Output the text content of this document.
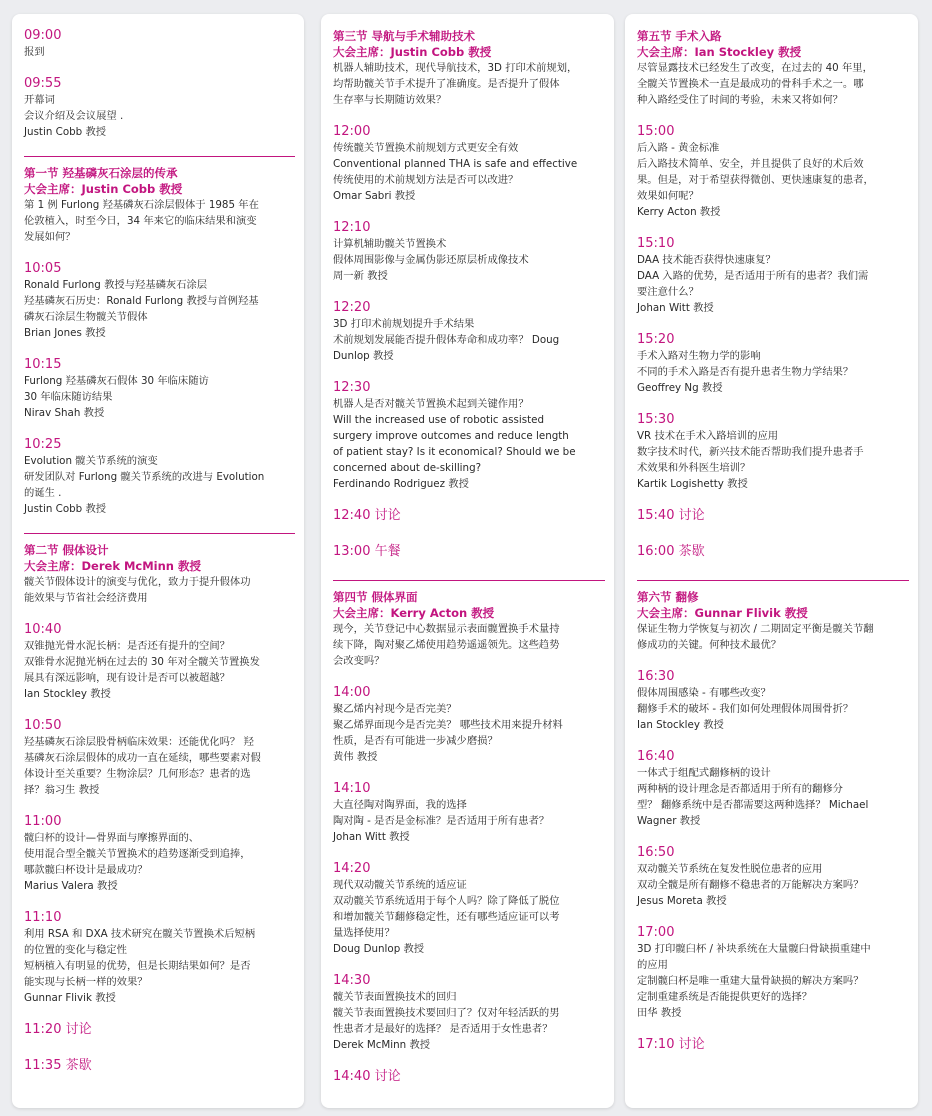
09:00
报到
09:55
开幕词
会议介绍及会议展望 .
Justin Cobb 教授
第一节 羟基磷灰石涂层的传承
大会主席：Justin Cobb 教授
第 1 例 Furlong 羟基磷灰石涂层假体于 1985 年在
伦敦植入，时至今日，34 年来它的临床结果和演变
发展如何？
10:05
Ronald Furlong 教授与羟基磷灰石涂层
羟基磷灰石历史：Ronald Furlong 教授与首例羟基
磷灰石涂层生物髋关节假体
Brian Jones 教授
10:15
Furlong 羟基磷灰石假体 30 年临床随访
30 年临床随访结果
Nirav Shah 教授
10:25
Evolution 髋关节系统的演变
研发团队对 Furlong 髋关节系统的改进与 Evolution
的诞生 .
Justin Cobb 教授
第二节 假体设计
大会主席：Derek McMinn 教授
髋关节假体设计的演变与优化，致力于提升假体功
能效果与节省社会经济费用
10:40
双锥抛光骨水泥长柄：是否还有提升的空间？
双锥骨水泥抛光柄在过去的 30 年对全髋关节置换发
展具有深远影响，现有设计是否可以被超越？
Ian Stockley 教授
10:50
羟基磷灰石涂层股骨柄临床效果：还能优化吗？ 羟
基磷灰石涂层假体的成功一直在延续，哪些要素对假
体设计至关重要？生物涂层？几何形态？患者的选
择？翁习生 教授
11:00
髋臼杯的设计—骨界面与摩擦界面的、
使用混合型全髋关节置换术的趋势逐渐受到追捧，
哪款髋臼杯设计是最成功？
Marius Valera 教授
11:10
利用 RSA 和 DXA 技术研究在髋关节置换术后短柄
的位置的变化与稳定性
短柄植入有明显的优势，但是长期结果如何？是否
能实现与长柄一样的效果？
Gunnar Flivik 教授
11:20 讨论
11:35 茶歇
第三节 导航与手术辅助技术
大会主席：Justin Cobb 教授
机器人辅助技术，现代导航技术，3D 打印术前规划，
均帮助髋关节手术提升了准确度。是否提升了假体
生存率与长期随访效果？
12:00
传统髋关节置换术前规划方式更安全有效
Conventional planned THA is safe and effective
传统使用的术前规划方法是否可以改进？
Omar Sabri 教授
12:10
计算机辅助髋关节置换术
假体周围影像与金属伪影还原层析成像技术
周一新 教授
12:20
3D 打印术前规划提升手术结果
术前规划发展能否提升假体寿命和成功率？ Doug
Dunlop 教授
12:30
机器人是否对髋关节置换术起到关键作用？
Will the increased use of robotic assisted
surgery improve outcomes and reduce length
of patient stay? Is it economical? Should we be
concerned about de-skilling?
Ferdinando Rodriguez 教授
12:40 讨论
13:00 午餐
第四节 假体界面
大会主席：Kerry Acton 教授
现今，关节登记中心数据显示表面髋置换手术量持
续下降，陶对聚乙烯使用趋势遥遥领先。这些趋势
会改变吗？
14:00
聚乙烯内衬现今是否完美？
聚乙烯界面现今是否完美？ 哪些技术用来提升材料
性质，是否有可能进一步减少磨损？
黄伟 教授
14:10
大直径陶对陶界面，我的选择
陶对陶 - 是否是金标准？是否适用于所有患者？
Johan Witt 教授
14:20
现代双动髋关节系统的适应证
双动髋关节系统适用于每个人吗？除了降低了脱位
和增加髋关节翻修稳定性，还有哪些适应证可以考
量选择使用？
Doug Dunlop 教授
14:30
髋关节表面置换技术的回归
髋关节表面置换技术要回归了？仅对年轻活跃的男
性患者才是最好的选择？ 是否适用于女性患者？
Derek McMinn 教授
14:40 讨论
第五节 手术入路
大会主席：Ian Stockley 教授
尽管显露技术已经发生了改变，在过去的 40 年里，
全髋关节置换术一直是最成功的骨科手术之一。哪
种入路经受住了时间的考验，未来又将如何？
15:00
后入路 - 黄金标准
后入路技术简单、安全，并且提供了良好的术后效
果。但是，对于希望获得微创、更快速康复的患者，
效果如何呢？
Kerry Acton 教授
15:10
DAA 技术能否获得快速康复？
DAA 入路的优势，是否适用于所有的患者？我们需
要注意什么？
Johan Witt 教授
15:20
手术入路对生物力学的影响
不同的手术入路是否有提升患者生物力学结果？
Geoffrey Ng 教授
15:30
VR 技术在手术入路培训的应用
数字技术时代，新兴技术能否帮助我们提升患者手
术效果和外科医生培训？
Kartik Logishetty 教授
15:40 讨论
16:00 茶歇
第六节 翻修
大会主席：Gunnar Flivik 教授
保证生物力学恢复与初次 / 二期固定平衡是髋关节翻
修成功的关键。何种技术最优？
16:30
假体周围感染 - 有哪些改变？
翻修手术的破坏 - 我们如何处理假体周围骨折？
Ian Stockley 教授
16:40
一体式于组配式翻修柄的设计
两种柄的设计理念是否都适用于所有的翻修分
型？ 翻修系统中是否都需要这两种选择？ Michael
Wagner 教授
16:50
双动髋关节系统在复发性脱位患者的应用
双动全髋是所有翻修不稳患者的万能解决方案吗？
Jesus Moreta 教授
17:00
3D 打印髋臼杯 / 补块系统在大量髋臼骨缺损重建中
的应用
定制髋臼杯是唯一重建大量骨缺损的解决方案吗？
定制重建系统是否能提供更好的选择？
田华 教授
17:10 讨论
